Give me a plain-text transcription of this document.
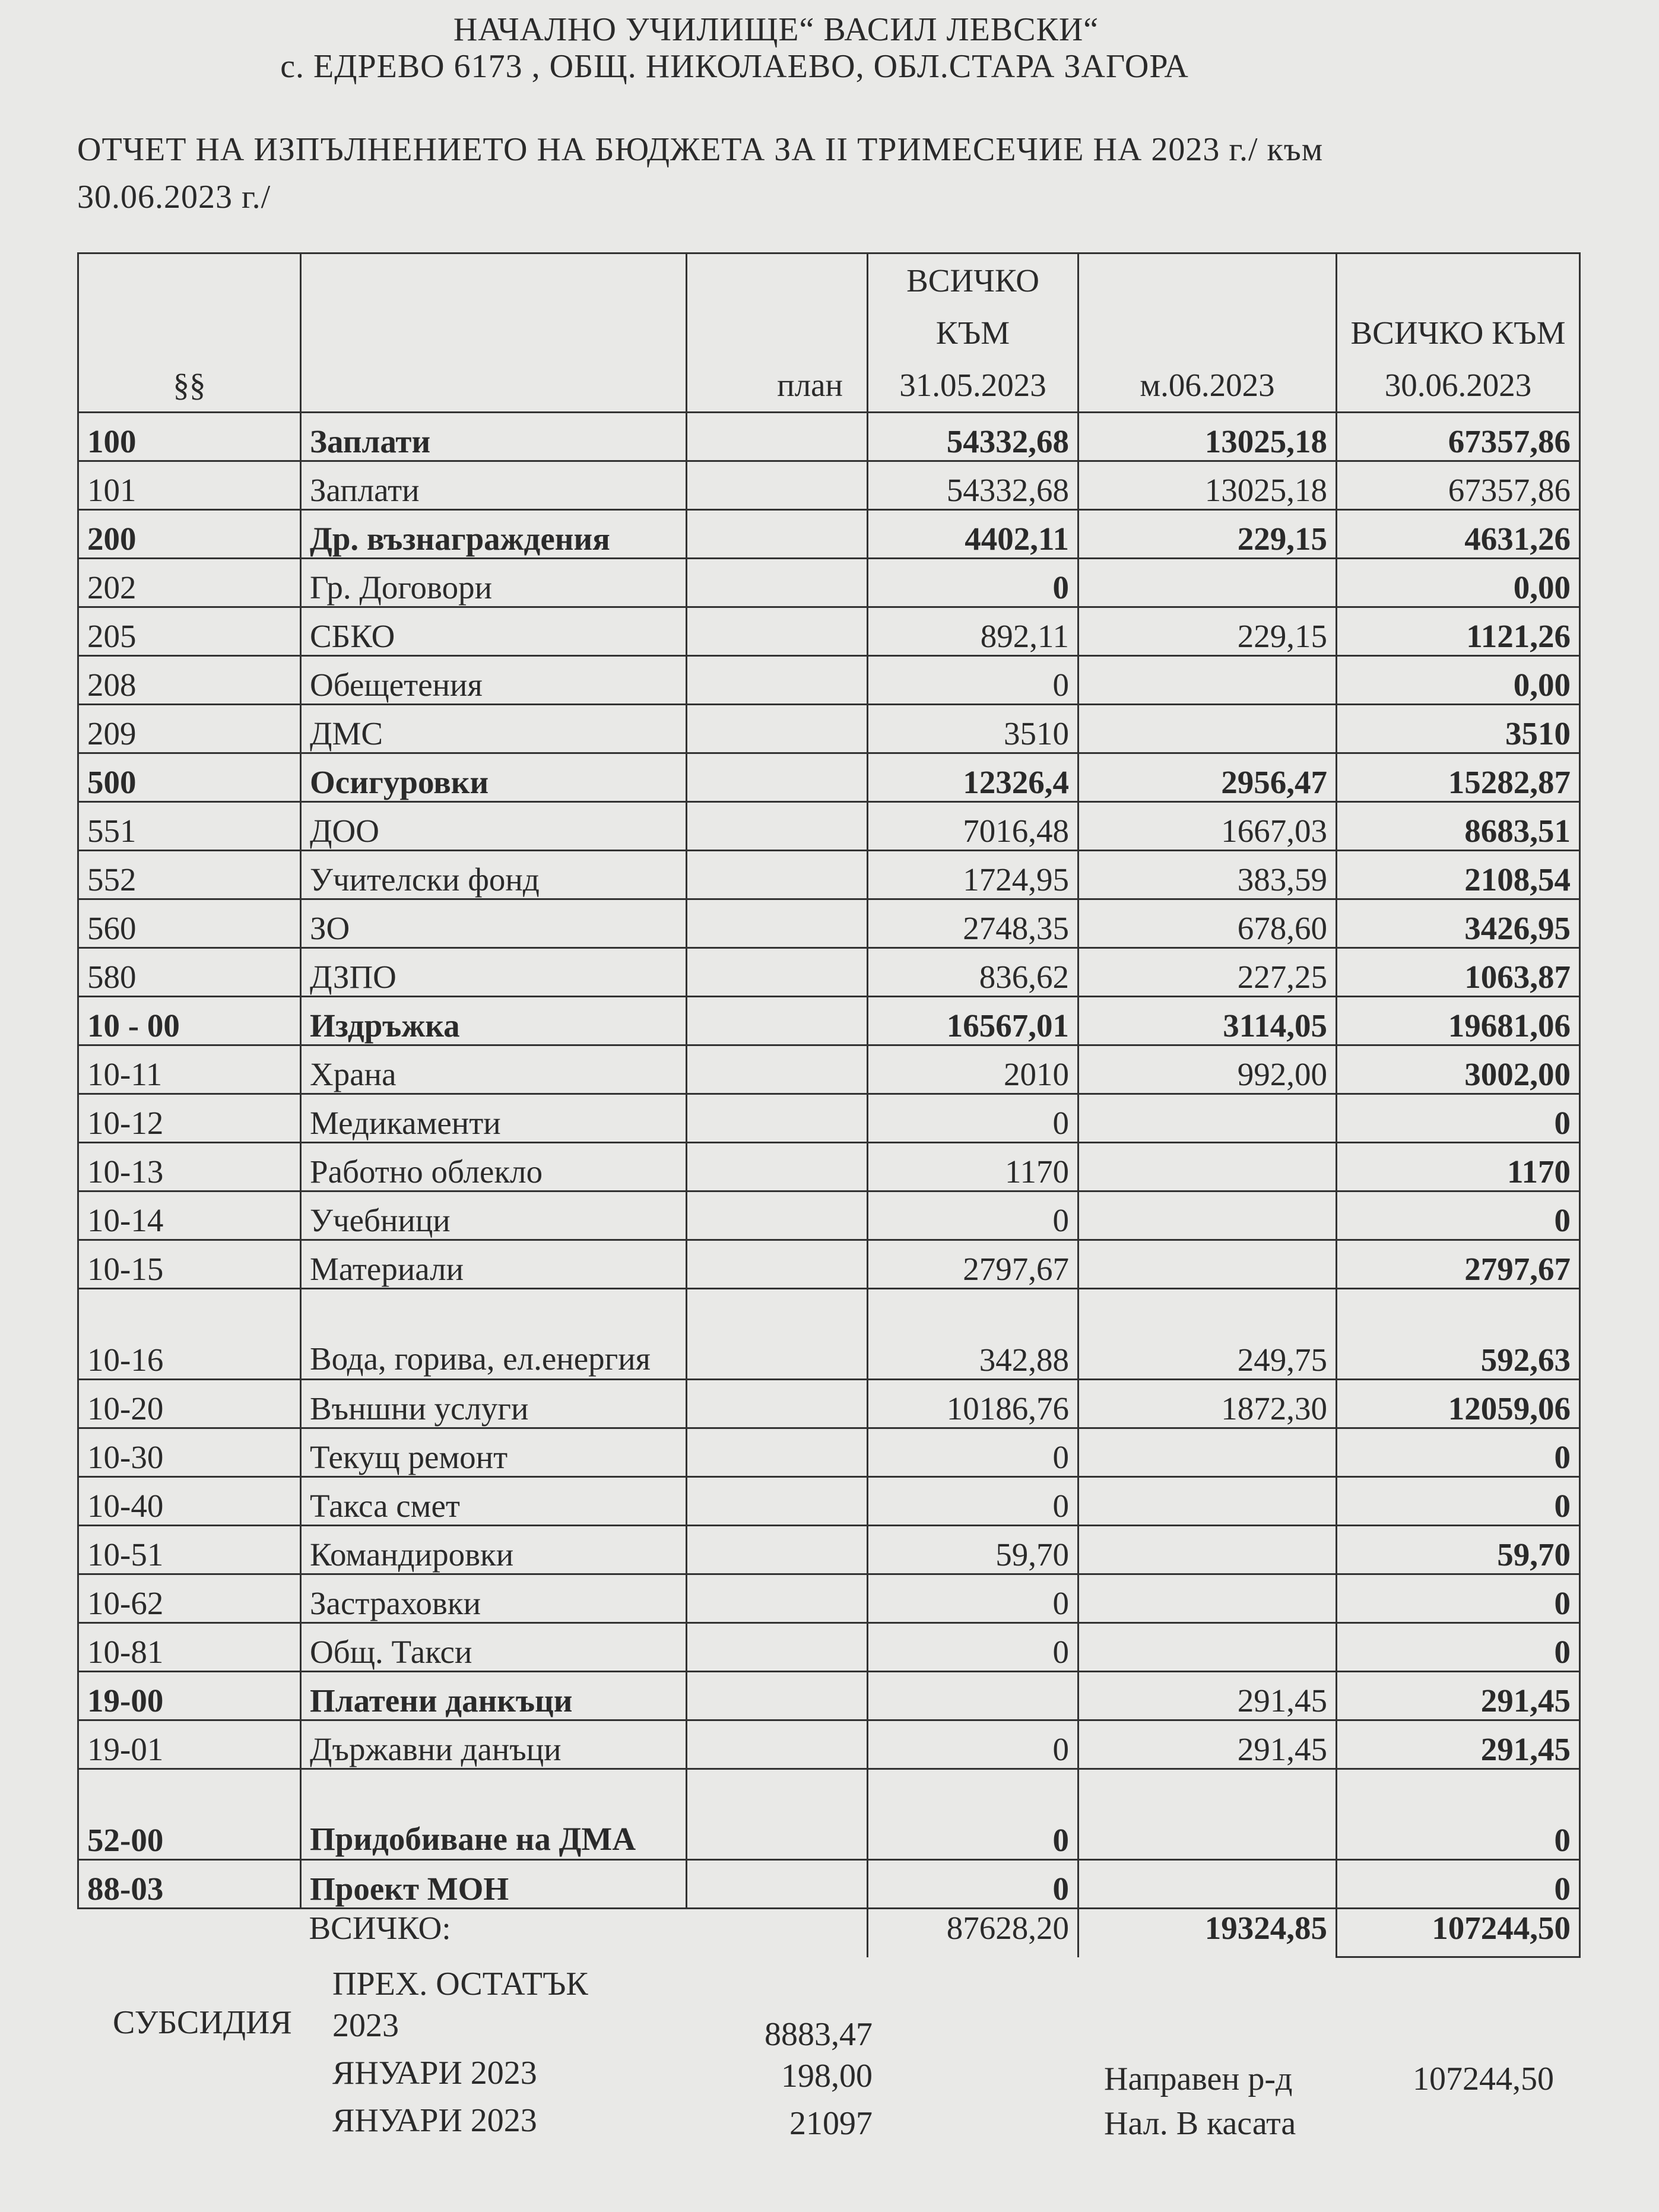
НАЧАЛНО УЧИЛИЩЕ“ ВАСИЛ ЛЕВСКИ“
с. ЕДРЕВО 6173 , ОБЩ. НИКОЛАЕВО, ОБЛ.СТАРА ЗАГОРА
ОТЧЕТ НА ИЗПЪЛНЕНИЕТО НА БЮДЖЕТА ЗА II ТРИМЕСЕЧИЕ НА 2023 г./ към
30.06.2023 г./
§§		план	ВСИЧКО КЪМ 31.05.2023	м.06.2023	ВСИЧКО КЪМ 30.06.2023
100	Заплати		54332,68	13025,18	67357,86
101	Заплати		54332,68	13025,18	67357,86
200	Др. възнаграждения		4402,11	229,15	4631,26
202	Гр. Договори		0		0,00
205	СБКО		892,11	229,15	1121,26
208	Обещетения		0		0,00
209	ДМС		3510		3510
500	Осигуровки		12326,4	2956,47	15282,87
551	ДОО		7016,48	1667,03	8683,51
552	Учителски фонд		1724,95	383,59	2108,54
560	ЗО		2748,35	678,60	3426,95
580	ДЗПО		836,62	227,25	1063,87
10 - 00	Издръжка		16567,01	3114,05	19681,06
10-11	Храна		2010	992,00	3002,00
10-12	Медикаменти		0		0
10-13	Работно облекло		1170		1170
10-14	Учебници		0		0
10-15	Материали		2797,67		2797,67
10-16	Вода, горива, ел.енергия		342,88	249,75	592,63
10-20	Външни услуги		10186,76	1872,30	12059,06
10-30	Текущ ремонт		0		0
10-40	Такса смет		0		0
10-51	Командировки		59,70		59,70
10-62	Застраховки		0		0
10-81	Общ. Такси		0		0
19-00	Платени данкъци			291,45	291,45
19-01	Държавни данъци		0	291,45	291,45
52-00	Придобиване на ДМА		0		0
88-03	Проект МОН		0		0
	ВСИЧКО:		87628,20	19324,85	107244,50
СУБСИДИЯ
ПРЕХ. ОСТАТЪК
2023	8883,47
ЯНУАРИ 2023	198,00
ЯНУАРИ 2023	21097
Направен р-д	107244,50
Нал. В касата
